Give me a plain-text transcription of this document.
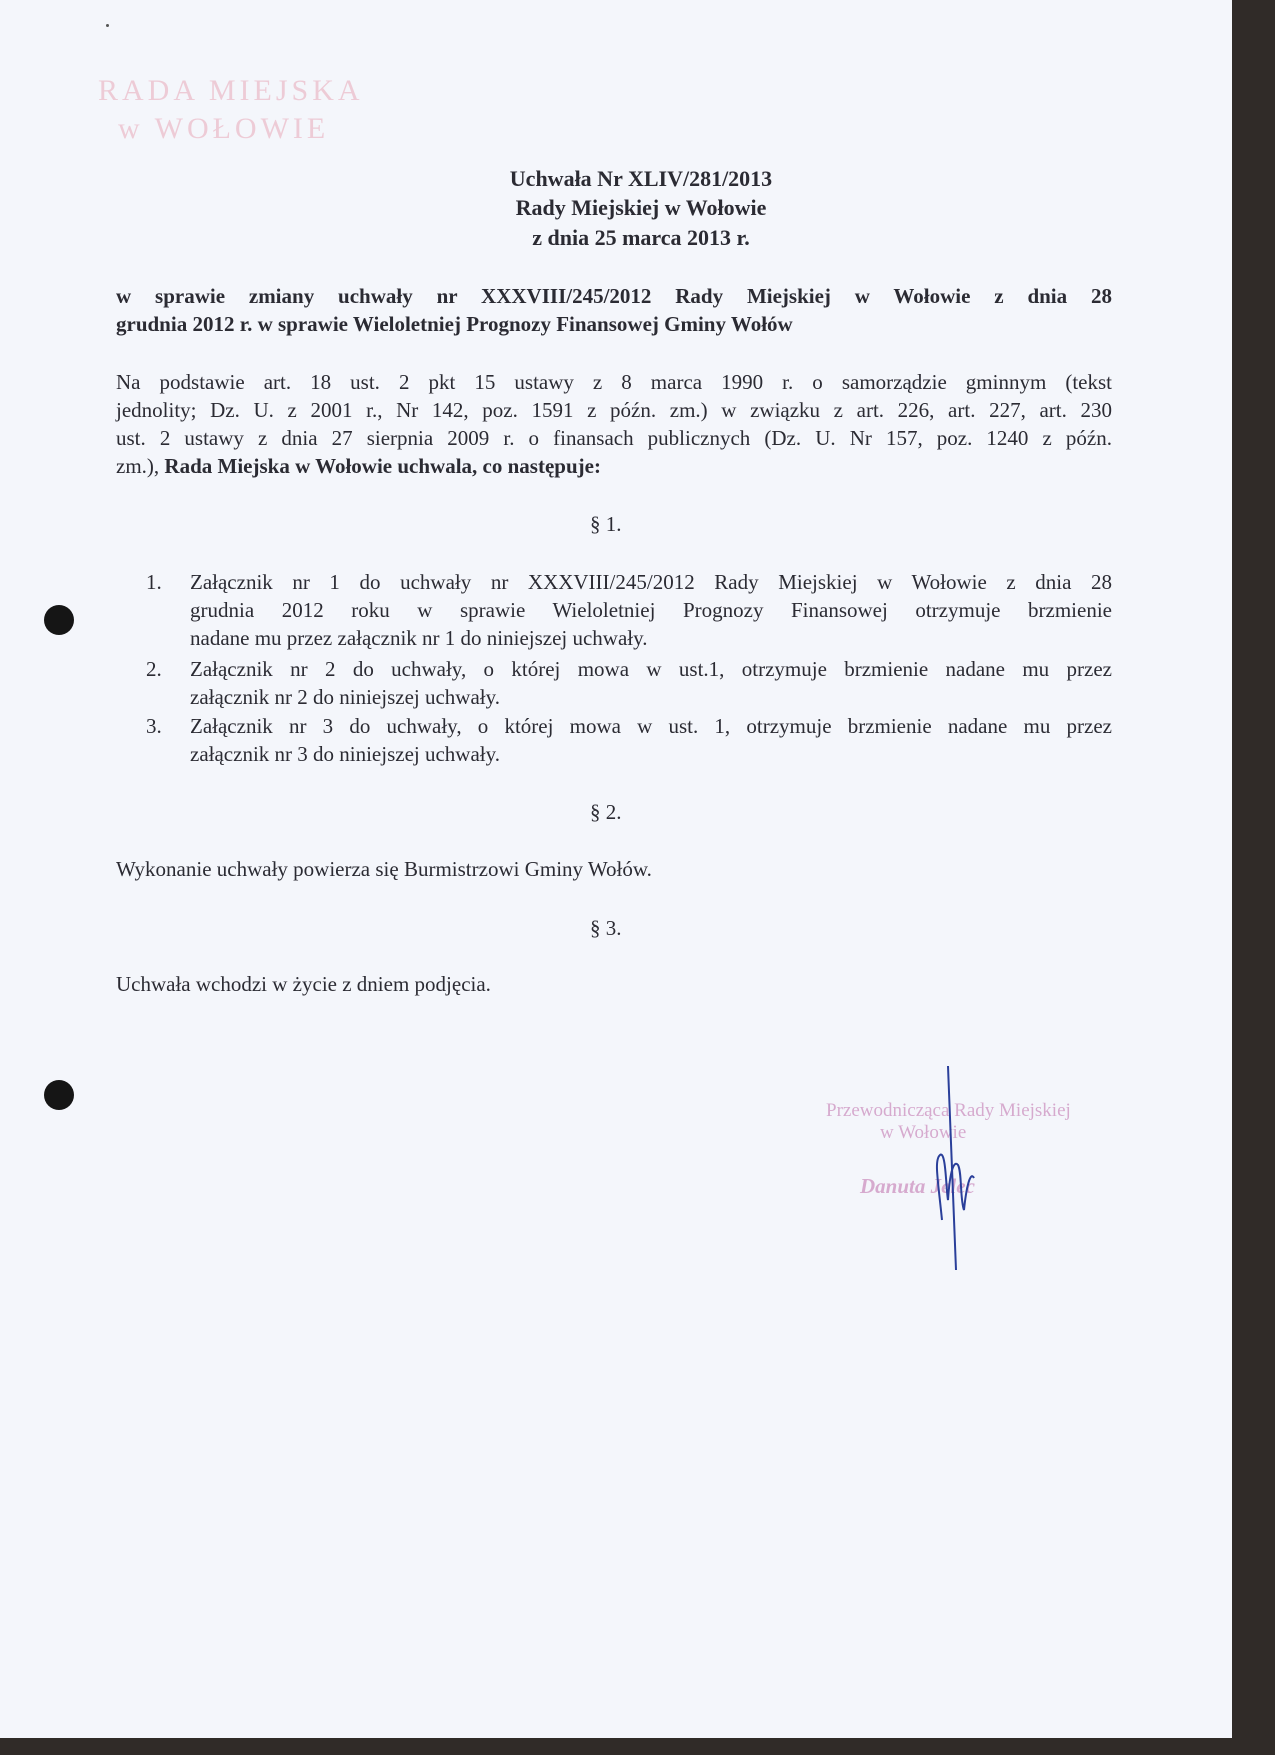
RADA MIEJSKA
w WOŁOWIE
Uchwała Nr XLIV/281/2013
Rady Miejskiej w Wołowie
z dnia 25 marca 2013 r.
w sprawie zmiany uchwały nr XXXVIII/245/2012 Rady Miejskiej w Wołowie z dnia 28
grudnia 2012 r. w sprawie Wieloletniej Prognozy Finansowej Gminy Wołów
Na podstawie art. 18 ust. 2 pkt 15 ustawy z 8 marca 1990 r. o samorządzie gminnym (tekst
jednolity; Dz. U. z 2001 r., Nr 142, poz. 1591 z późn. zm.) w związku z art. 226, art. 227, art. 230
ust. 2 ustawy z dnia 27 sierpnia 2009 r. o finansach publicznych (Dz. U. Nr 157, poz. 1240 z późn.
zm.), Rada Miejska w Wołowie uchwala, co następuje:
§ 1.
1. Załącznik nr 1 do uchwały nr XXXVIII/245/2012 Rady Miejskiej w Wołowie z dnia 28
grudnia 2012 roku w sprawie Wieloletniej Prognozy Finansowej otrzymuje brzmienie
nadane mu przez załącznik nr 1 do niniejszej uchwały.
2. Załącznik nr 2 do uchwały, o której mowa w ust.1, otrzymuje brzmienie nadane mu przez
załącznik nr 2 do niniejszej uchwały.
3. Załącznik nr 3 do uchwały, o której mowa w ust. 1, otrzymuje brzmienie nadane mu przez
załącznik nr 3 do niniejszej uchwały.
§ 2.
Wykonanie uchwały powierza się Burmistrzowi Gminy Wołów.
§ 3.
Uchwała wchodzi w życie z dniem podjęcia.
Przewodnicząca Rady Miejskiej
w Wołowie
Danuta Jelec
